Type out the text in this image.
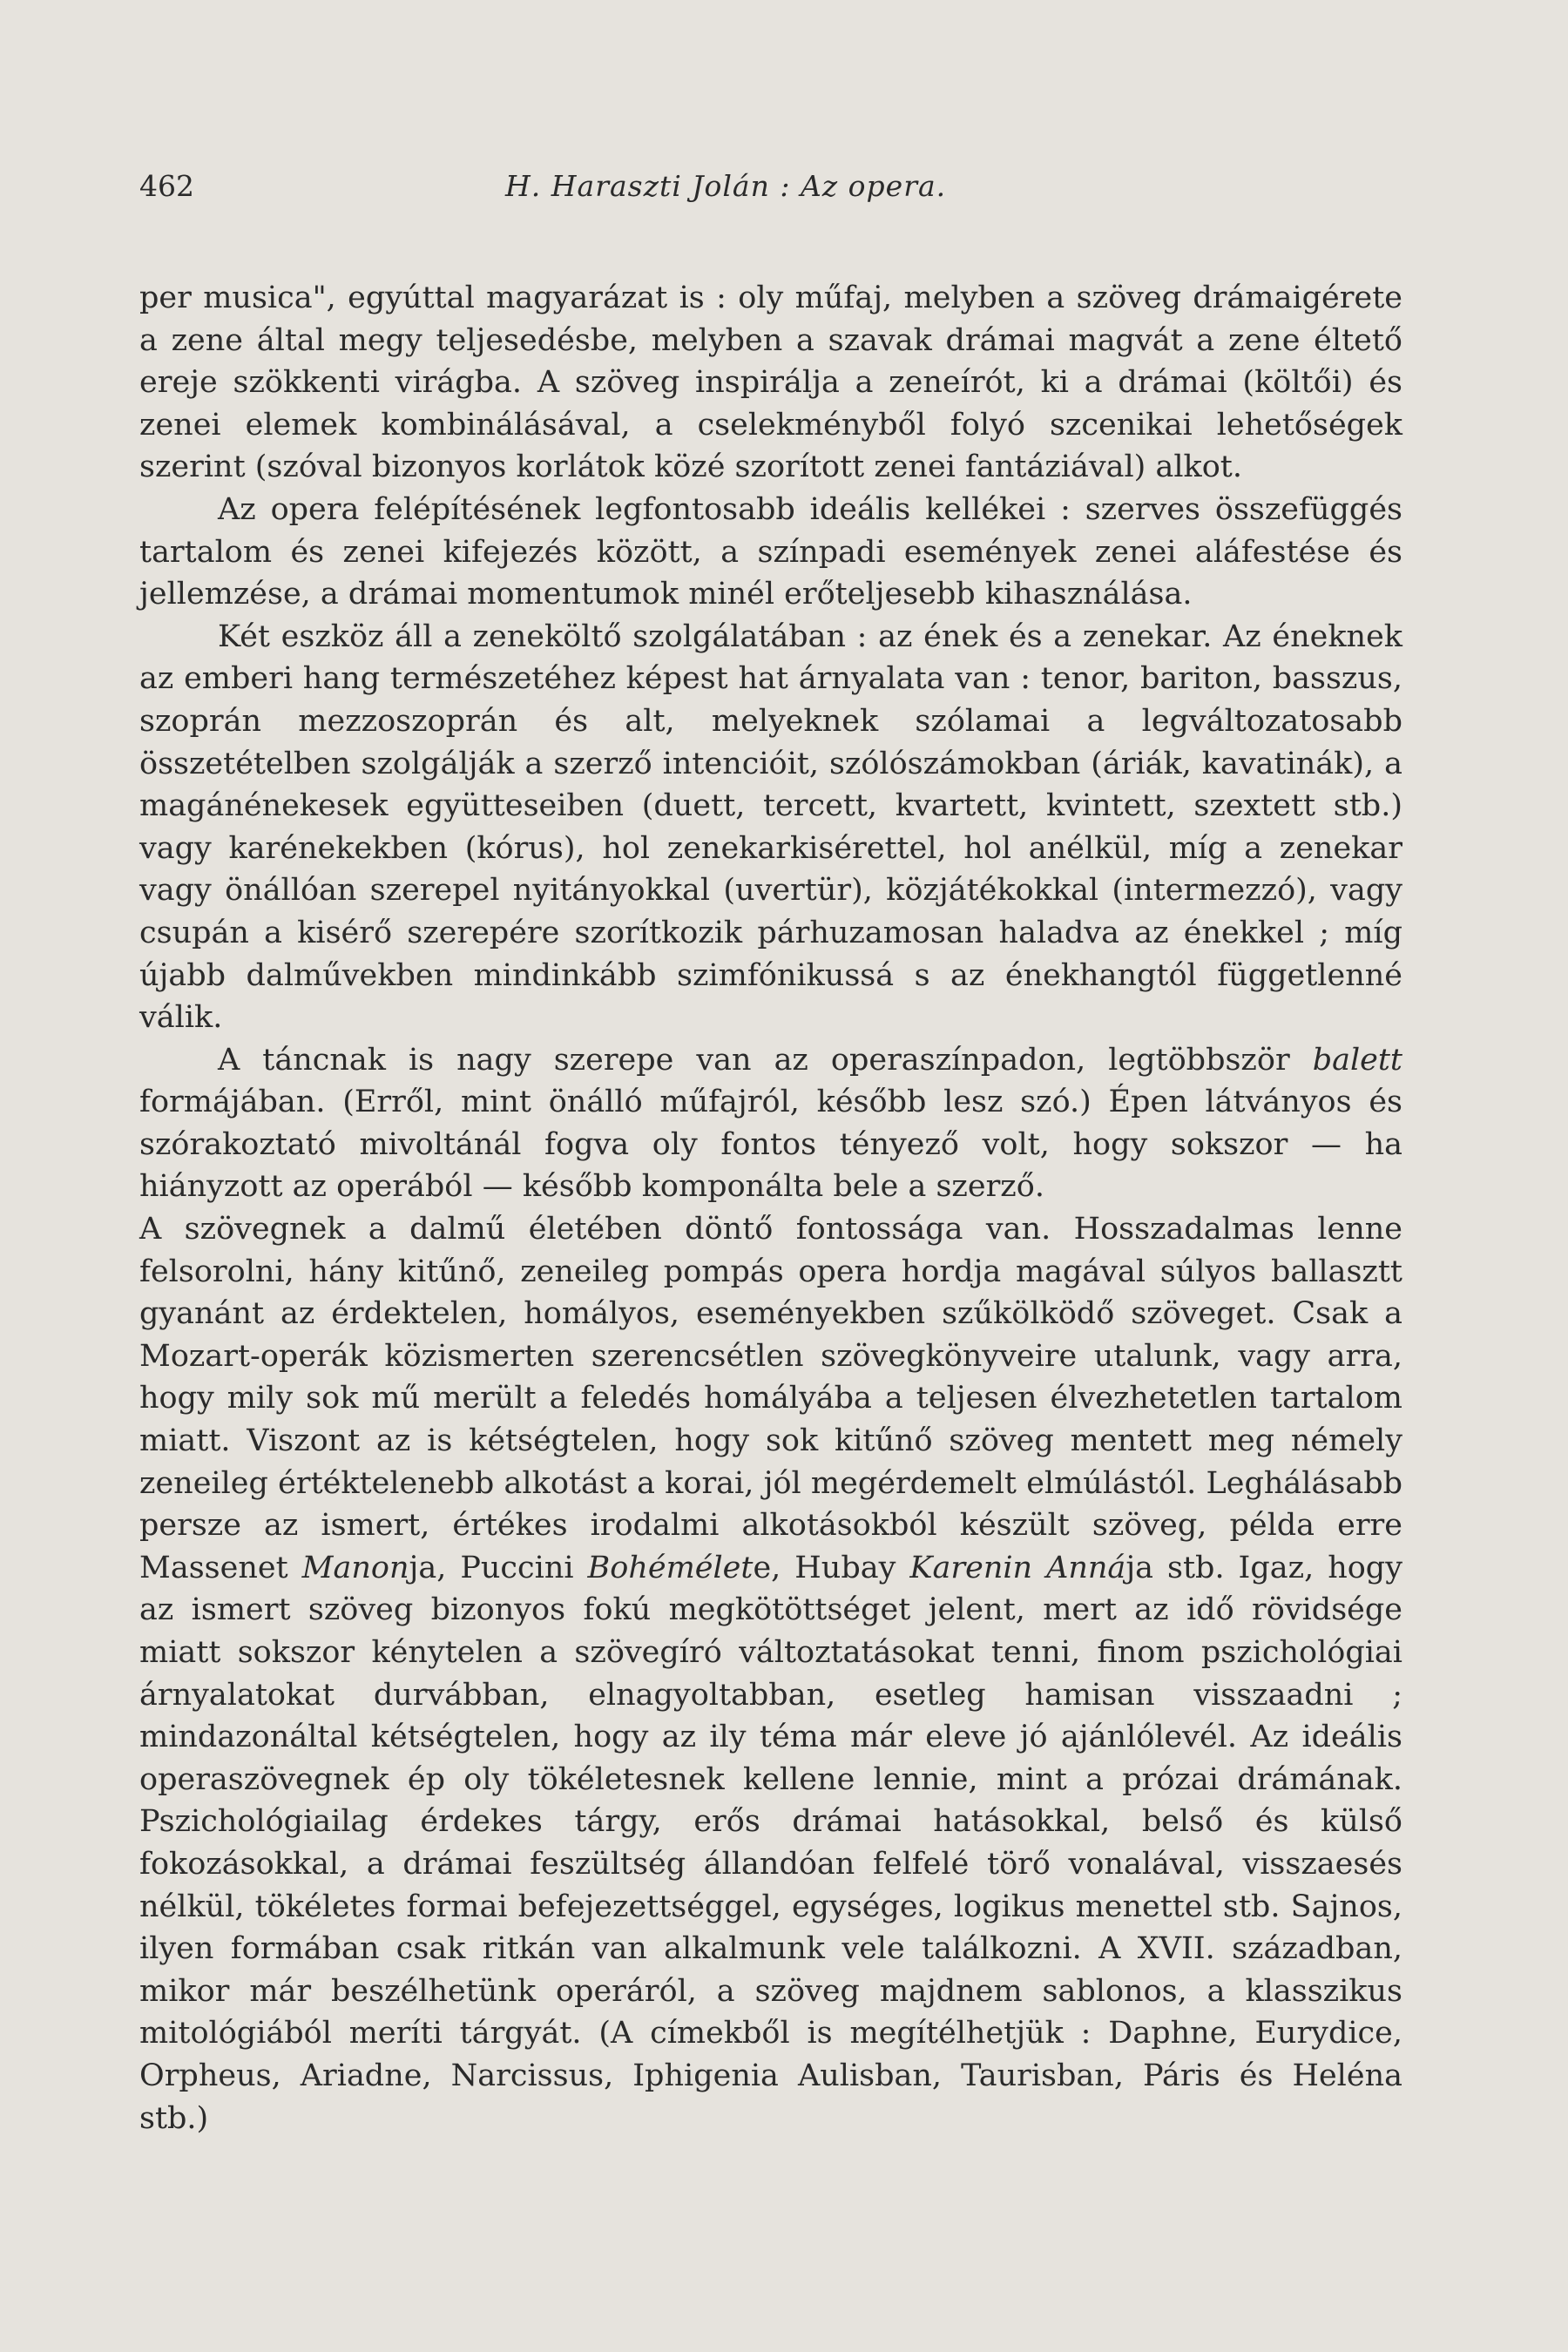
462	H. Haraszti Jolán : Az opera.

per musica", egyúttal magyarázat is : oly műfaj, melyben a szöveg drámaigérete a zene által megy teljesedésbe, melyben a szavak drámai magvát a zene éltető ereje szökkenti virágba. A szöveg inspirálja a zeneírót, ki a drámai (költői) és zenei elemek kombinálásával, a cselekményből folyó szcenikai lehetőségek szerint (szóval bizonyos korlátok közé szorított zenei fantáziával) alkot.

Az opera felépítésének legfontosabb ideális kellékei : szerves összefüggés tartalom és zenei kifejezés között, a színpadi események zenei aláfestése és jellemzése, a drámai momentumok minél erőteljesebb kihasználása.

Két eszköz áll a zeneköltő szolgálatában : az ének és a zenekar. Az éneknek az emberi hang természetéhez képest hat árnyalata van : tenor, bariton, basszus, szoprán mezzoszoprán és alt, melyeknek szólamai a legváltozatosabb összetételben szolgálják a szerző intencióit, szólószámokban (áriák, kavatinák), a magánénekesek együtteseiben (duett, tercett, kvartett, kvintett, szextett stb.) vagy karénekekben (kórus), hol zenekarkisérettel, hol anélkül, míg a zenekar vagy önállóan szerepel nyitányokkal (uvertür), közjátékokkal (intermezzó), vagy csupán a kisérő szerepére szorítkozik párhuzamosan haladva az énekkel ; míg újabb dalművekben mindinkább szimfónikussá s az énekhangtól függetlenné válik.

A táncnak is nagy szerepe van az operaszínpadon, legtöbbször balett formájában. (Erről, mint önálló műfajról, később lesz szó.) Épen látványos és szórakoztató mivoltánál fogva oly fontos tényező volt, hogy sokszor — ha hiányzott az operából — később komponálta bele a szerző.

A szövegnek a dalmű életében döntő fontossága van. Hosszadalmas lenne felsorolni, hány kitűnő, zeneileg pompás opera hordja magával súlyos ballasztt gyanánt az érdektelen, homályos, eseményekben szűkölködő szöveget. Csak a Mozart-operák közismerten szerencsétlen szövegkönyveire utalunk, vagy arra, hogy mily sok mű merült a feledés homályába a teljesen élvezhetetlen tartalom miatt. Viszont az is kétségtelen, hogy sok kitűnő szöveg mentett meg némely zeneileg értéktelenebb alkotást a korai, jól megérdemelt elmúlástól. Leghálásabb persze az ismert, értékes irodalmi alkotásokból készült szöveg, példa erre Massenet Manonja, Puccini Bohémélete, Hubay Karenin Annája stb. Igaz, hogy az ismert szöveg bizonyos fokú megkötöttséget jelent, mert az idő rövidsége miatt sokszor kénytelen a szövegíró változtatásokat tenni, finom pszichológiai árnyalatokat durvábban, elnagyoltabban, esetleg hamisan visszaadni ; mindazonáltal kétségtelen, hogy az ily téma már eleve jó ajánlólevél. Az ideális operaszövegnek ép oly tökéletesnek kellene lennie, mint a prózai drámának. Pszichológiailag érdekes tárgy, erős drámai hatásokkal, belső és külső fokozásokkal, a drámai feszültség állandóan felfelé törő vonalával, visszaesés nélkül, tökéletes formai befejezettséggel, egységes, logikus menettel stb. Sajnos, ilyen formában csak ritkán van alkalmunk vele találkozni. A XVII. században, mikor már beszélhetünk operáról, a szöveg majdnem sablonos, a klasszikus mitológiából meríti tárgyát. (A címekből is megítélhetjük : Daphne, Eurydice, Orpheus, Ariadne, Narcissus, Iphigenia Aulisban, Taurisban, Páris és Heléna stb.)
